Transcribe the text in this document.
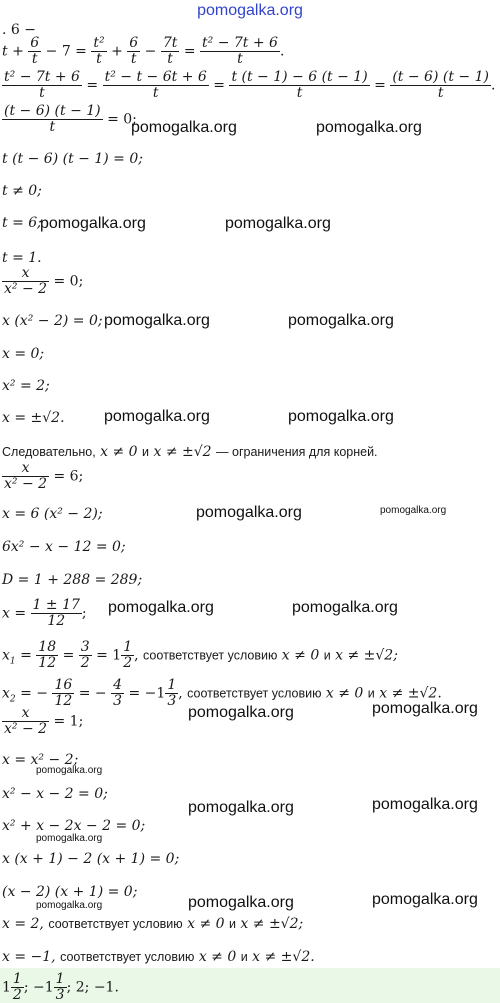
pomogalka.org
. 6 −
$t + \frac{6}{t} - 7 = \frac{\text{t²}}{t} + \frac{6}{t} - \frac{7t}{t} = \frac{\text{t² − 7t + 6}}{t}$ .
$\frac{\text{t² − 7t + 6}}{t} = \frac{\text{t² − t − 6t + 6}}{t} = \frac{t (t - 1) - 6 (t - 1)}{t} = \frac{(t - 6) (t - 1)}{t}$ .
$\frac{(t - 6) (t - 1)}{t} = 0$;
t (t − 6) (t − 1) = 0;
t ≠ 0;
t = 6;
t = 1.
$\frac{x}{\text{x² − 2}} = 0$;
x (x² − 2) = 0;
x = 0;
x² = 2;
x = ±√2.
Следовательно, x ≠ 0 и x ≠ ±√2 — ограничения для корней.
$\frac{x}{\text{x² − 2}} = 6$;
x = 6 (x² − 2);
6x² − x − 12 = 0;
D = 1 + 288 = 289;
$x = \frac{1 \pm 17}{12}$ ;
$x_1 = \frac{18}{12} = \frac{3}{2} = 1 \frac{1}{2}$ , соответствует условию x ≠ 0 и x ≠ ±√2;
$x_2$ = − $\frac{16}{12}$ = − $\frac{4}{3} = -1 \frac{1}{3}$ , соответствует условию x ≠ 0 и x ≠ ±√2.
$\frac{x}{\text{x² − 2}} = 1$;
x = x² − 2;
x² − x − 2 = 0;
x² + x − 2x − 2 = 0;
x (x + 1) − 2 (x + 1) = 0;
(x − 2) (x + 1) = 0;
x = 2, соответствует условию x ≠ 0 и x ≠ ±√2;
x = −1, соответствует условию x ≠ 0 и x ≠ ±√2.
$1 \frac{1}{2}$ ; $-1 \frac{1}{3}$ ; 2; −1.
pomogalka.org	pomogalka.org
pomogalka.org	pomogalka.org
pomogalka.org	pomogalka.org
pomogalka.org	pomogalka.org
pomogalka.org	pomogalka.org
pomogalka.org	pomogalka.org
pomogalka.org	pomogalka.org
pomogalka.org
pomogalka.org	pomogalka.org
pomogalka.org
pomogalka.org	pomogalka.org
pomogalka.org
